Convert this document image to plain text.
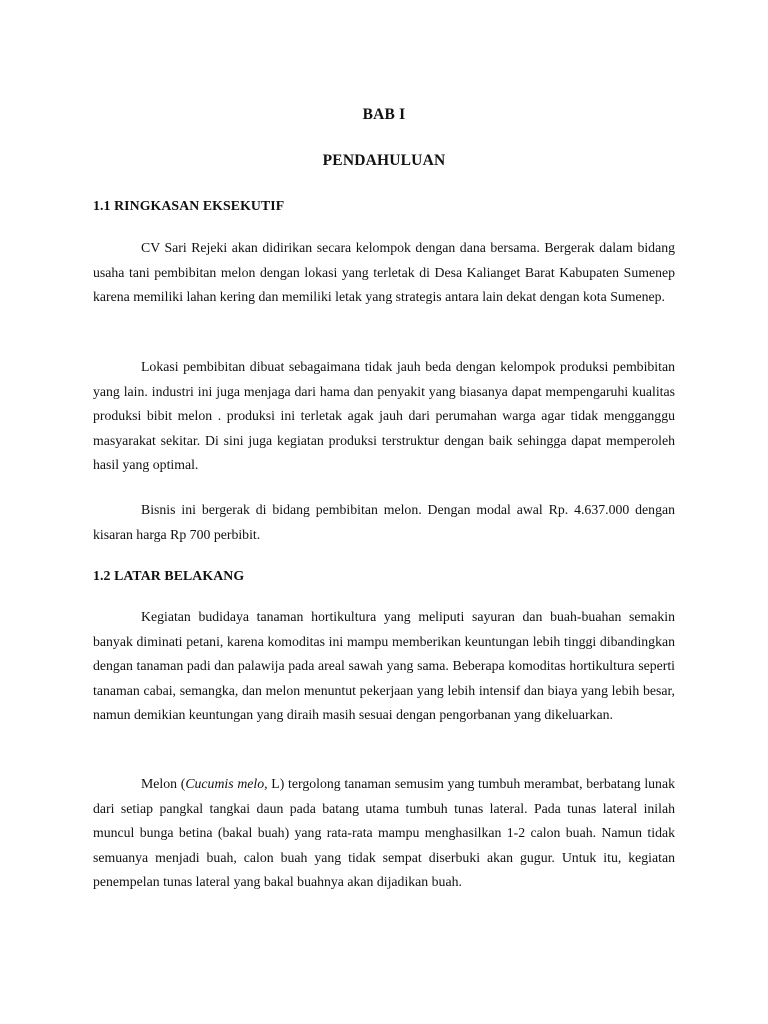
BAB I
PENDAHULUAN
1.1 RINGKASAN EKSEKUTIF

CV Sari Rejeki akan didirikan secara kelompok dengan dana bersama. Bergerak dalam bidang usaha tani pembibitan melon dengan lokasi yang terletak di Desa Kalianget Barat Kabupaten Sumenep karena memiliki lahan kering dan memiliki letak yang strategis antara lain dekat dengan kota Sumenep.

Lokasi pembibitan dibuat sebagaimana tidak jauh beda dengan kelompok produksi pembibitan yang lain. industri ini juga menjaga dari hama dan penyakit yang biasanya dapat mempengaruhi kualitas produksi bibit melon . produksi ini terletak agak jauh dari perumahan warga agar tidak mengganggu masyarakat sekitar. Di sini juga kegiatan produksi terstruktur dengan baik sehingga dapat memperoleh hasil yang optimal.

Bisnis ini bergerak di bidang pembibitan melon. Dengan modal awal Rp. 4.637.000 dengan kisaran harga Rp 700 perbibit.

1.2 LATAR BELAKANG

Kegiatan budidaya tanaman hortikultura yang meliputi sayuran dan buah-buahan semakin banyak diminati petani, karena komoditas ini mampu memberikan keuntungan lebih tinggi dibandingkan dengan tanaman padi dan palawija pada areal sawah yang sama. Beberapa komoditas hortikultura seperti tanaman cabai, semangka, dan melon menuntut pekerjaan yang lebih intensif dan biaya yang lebih besar, namun demikian keuntungan yang diraih masih sesuai dengan pengorbanan yang dikeluarkan.

Melon (Cucumis melo, L) tergolong tanaman semusim yang tumbuh merambat, berbatang lunak dari setiap pangkal tangkai daun pada batang utama tumbuh tunas lateral. Pada tunas lateral inilah muncul bunga betina (bakal buah) yang rata-rata mampu menghasilkan 1-2 calon buah. Namun tidak semuanya menjadi buah, calon buah yang tidak sempat diserbuki akan gugur. Untuk itu, kegiatan penempelan tunas lateral yang bakal buahnya akan dijadikan buah.
